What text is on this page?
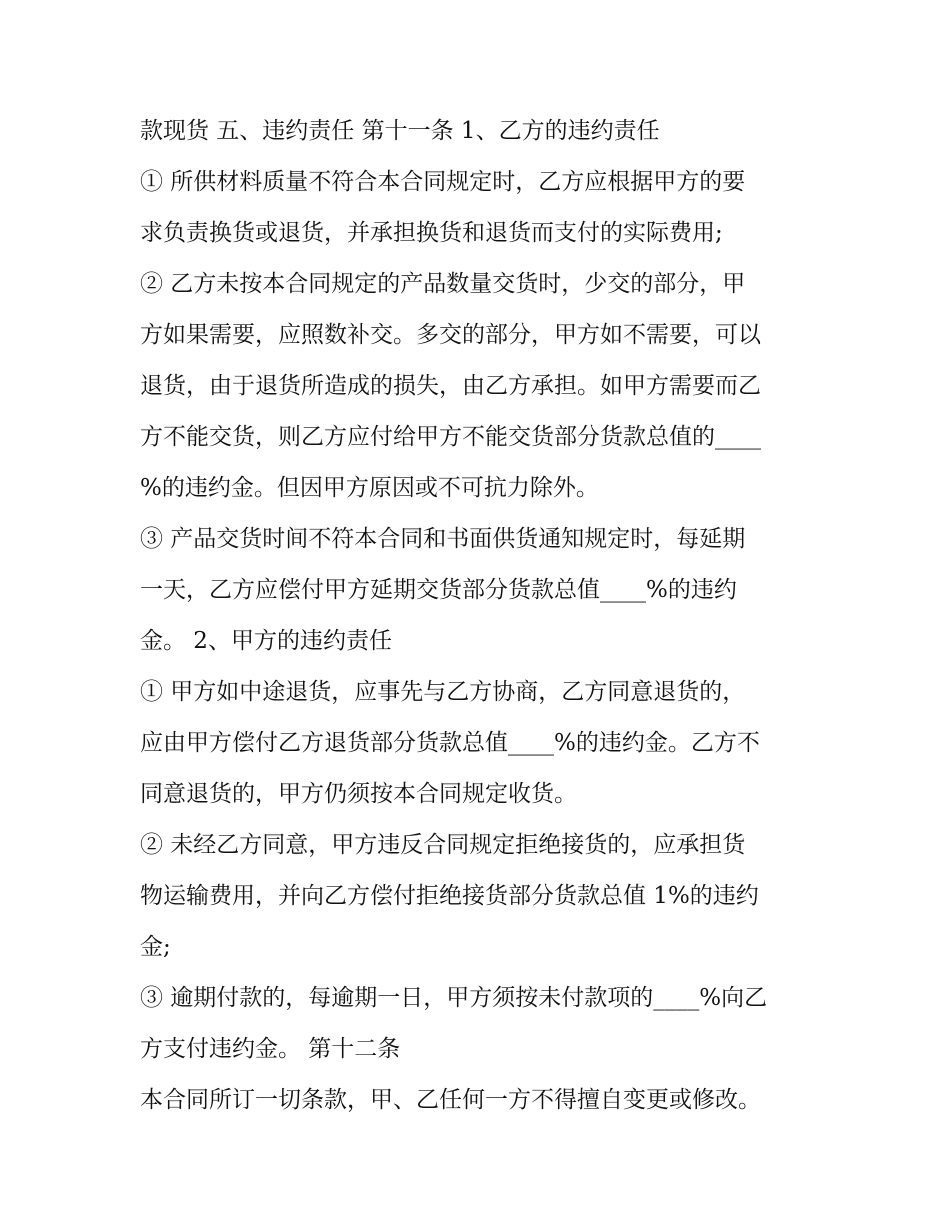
款现货 五、违约责任 第十一条 1、乙方的违约责任
① 所供材料质量不符合本合同规定时，乙方应根据甲方的要
求负责换货或退货，并承担换货和退货而支付的实际费用;
② 乙方未按本合同规定的产品数量交货时，少交的部分，甲
方如果需要，应照数补交。多交的部分，甲方如不需要，可以
退货，由于退货所造成的损失，由乙方承担。如甲方需要而乙
方不能交货，则乙方应付给甲方不能交货部分货款总值的____
%的违约金。但因甲方原因或不可抗力除外。
③ 产品交货时间不符本合同和书面供货通知规定时，每延期
一天，乙方应偿付甲方延期交货部分货款总值____%的违约
金。 2、甲方的违约责任
① 甲方如中途退货，应事先与乙方协商，乙方同意退货的，
应由甲方偿付乙方退货部分货款总值____%的违约金。乙方不
同意退货的，甲方仍须按本合同规定收货。
② 未经乙方同意，甲方违反合同规定拒绝接货的，应承担货
物运输费用，并向乙方偿付拒绝接货部分货款总值 1%的违约
金;
③ 逾期付款的，每逾期一日，甲方须按未付款项的____%向乙
方支付违约金。 第十二条
本合同所订一切条款，甲、乙任何一方不得擅自变更或修改。
